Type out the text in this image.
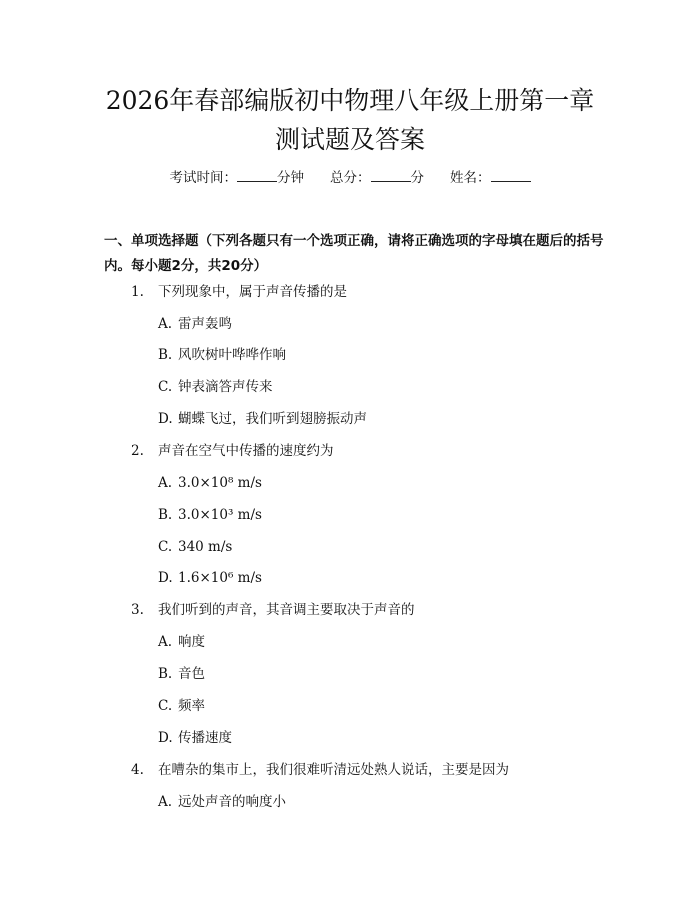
2026年春部编版初中物理八年级上册第一章
测试题及答案
考试时间：	分钟 总分：	分 姓名：

一、单项选择题（下列各题只有一个选项正确，请将正确选项的字母填在题后的括号内。每小题2分，共20分）

1. 下列现象中，属于声音传播的是
A. 雷声轰鸣
B. 风吹树叶哗哗作响
C. 钟表滴答声传来
D. 蝴蝶飞过，我们听到翅膀振动声
2. 声音在空气中传播的速度约为
A. 3.0×10⁸ m/s
B. 3.0×10³ m/s
C. 340 m/s
D. 1.6×10⁶ m/s
3. 我们听到的声音，其音调主要取决于声音的
A. 响度
B. 音色
C. 频率
D. 传播速度
4. 在嘈杂的集市上，我们很难听清远处熟人说话，主要是因为
A. 远处声音的响度小
